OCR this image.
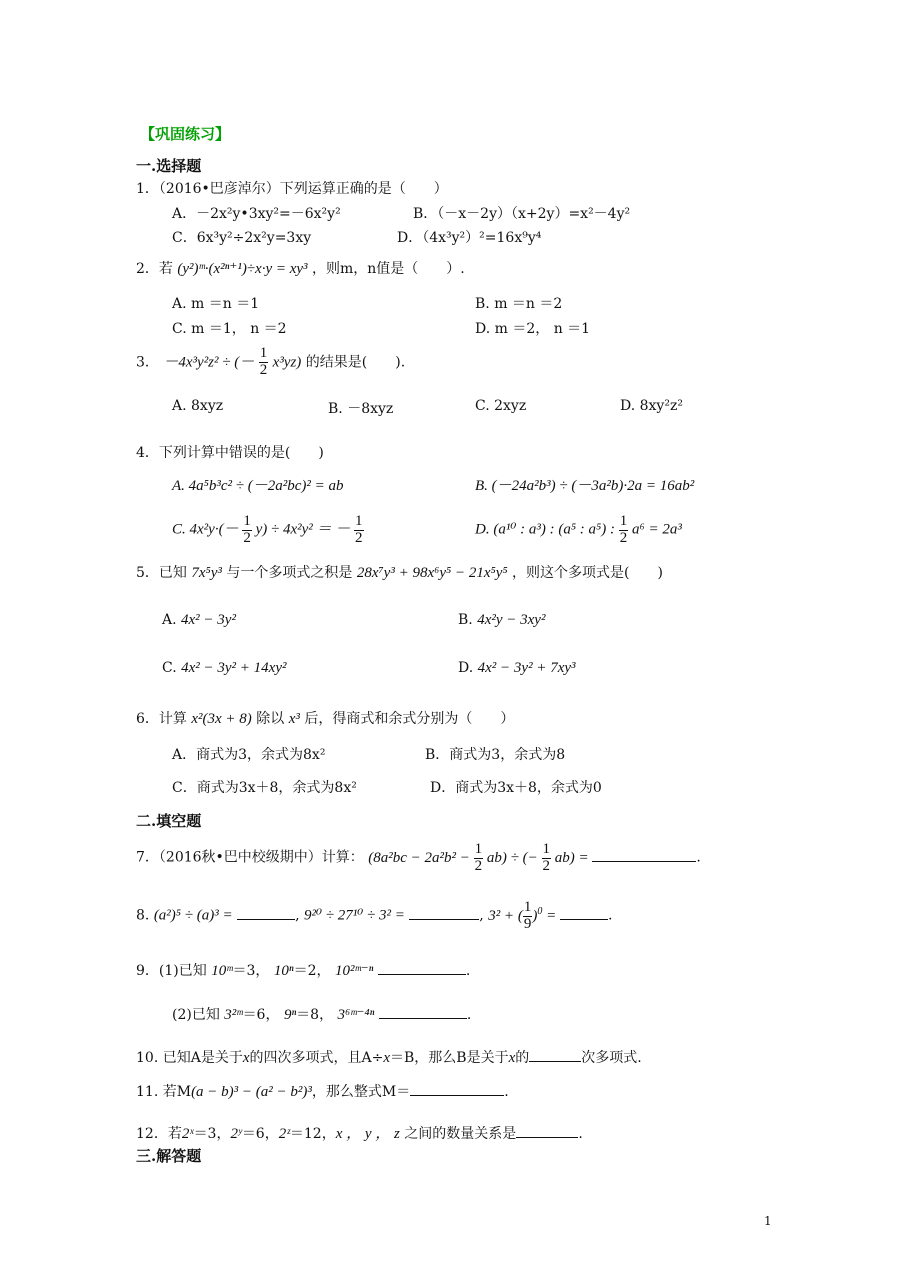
【巩固练习】
一.选择题
1．（2016•巴彦淖尔）下列运算正确的是（　　）
A．－2x²y•3xy²=－6x²y²	B．（－x－2y）（x+2y）=x²－4y²
C．6x³y²÷2x²y=3xy	D．（4x³y²）²=16x⁹y⁴
2．若 (y²)ᵐ·(x²ⁿ⁺¹)÷x·y = xy³ ，则m，n值是（　　）.
A. m ＝n ＝1	B. m ＝n ＝2
C. m ＝1， n ＝2	D. m ＝2， n ＝1
3． －4x³y²z² ÷ (－ $\frac{1}{2} x^3yz$) 的结果是(　　).
A. 8xyz	B. －8xyz	C. 2xyz	D. 8xy²z²
4．下列计算中错误的是(　　)
A. 4a⁵b³c² ÷ (－2a²bc)² = ab	B. (－24a²b³) ÷ (－3a²b)·2a = 16ab²
C. $4x^2y\cdot(- \frac{1}{2} y) \div 4x^2y^2$ ＝ － $\frac{1}{2}$	D. (a¹⁰ : a³) : (a⁵ : a⁵) : $\frac{1}{2} a^6 = 2a^3$
5．已知 7x⁵y³ 与一个多项式之积是 28x⁷y³ + 98x⁶y⁵ − 21x⁵y⁵ ，则这个多项式是(　　)
A. 4x² − 3y²	B. 4x²y − 3xy²
C. 4x² − 3y² + 14xy²	D. 4x² − 3y² + 7xy³
6．计算 x²(3x + 8) 除以 x³ 后，得商式和余式分别为（　　）
A．商式为3，余式为8x²	B．商式为3，余式为8
C．商式为3x＋8，余式为8x²	D．商式为3x＋8，余式为0
二.填空题
7．（2016秋•巴中校级期中）计算： $(8a^2bc - 2a^2b^2 - \frac{1}{2} ab)$ ÷ (− $\frac{1}{2} ab$) =	.
8. (a²)⁵ ÷ (a)³ =	, 9²⁰ ÷ 27¹⁰ ÷ 3² =	, 3² + ( $\frac{1}{9} )^0$ =	.
9．(1)已知 10ᵐ＝3， 10ⁿ＝2， 10²ᵐ⁻ⁿ	.
(2)已知 3²ᵐ＝6， 9ⁿ＝8， 3⁶ᵐ⁻⁴ⁿ	.
10. 已知A是关于x的四次多项式，且A÷x＝B，那么B是关于x的	次多项式.
11. 若M(a − b)³ − (a² − b²)³，那么整式M＝	.
12．若2ˣ＝3，2ʸ＝6，2ᶻ＝12，x ， y ， z 之间的数量关系是	.
三.解答题
1
